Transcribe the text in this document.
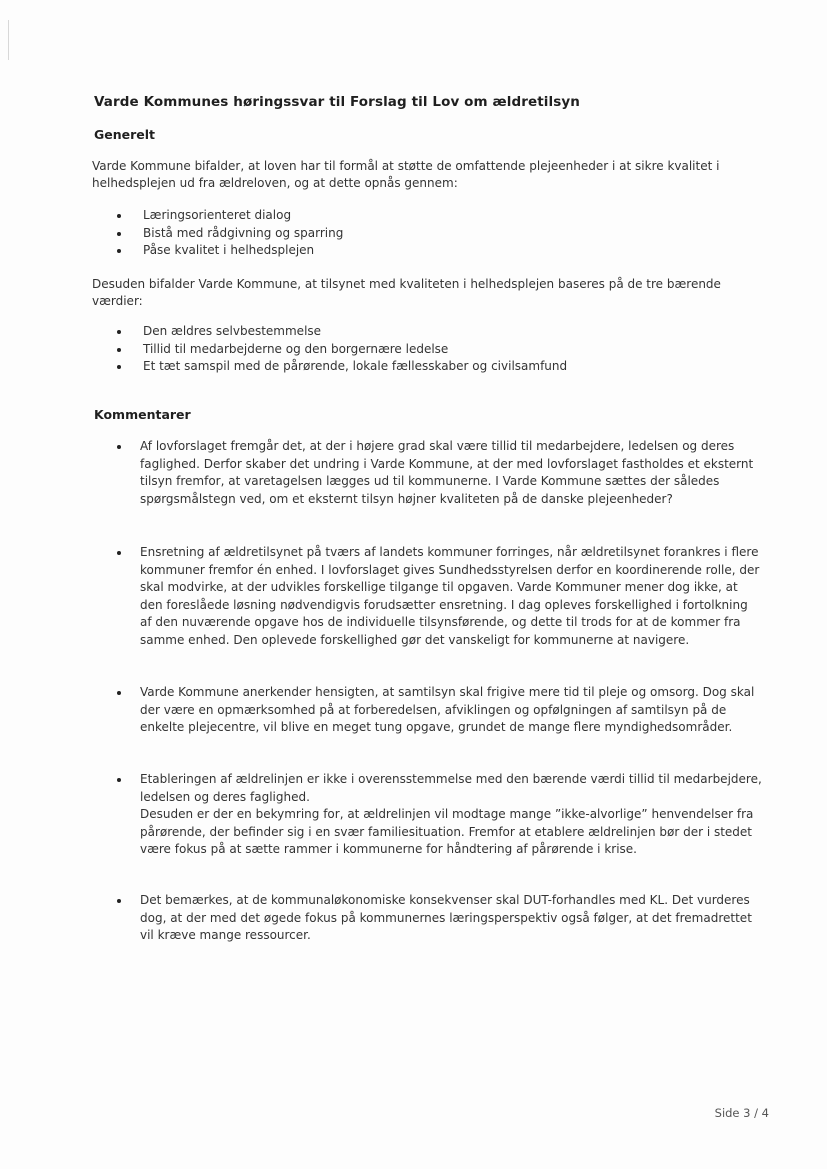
Varde Kommunes høringssvar til Forslag til Lov om ældretilsyn
Generelt

Varde Kommune bifalder, at loven har til formål at støtte de omfattende plejeenheder i at sikre kvalitet i helhedsplejen ud fra ældreloven, og at dette opnås gennem:

Læringsorienteret dialog
Bistå med rådgivning og sparring
Påse kvalitet i helhedsplejen

Desuden bifalder Varde Kommune, at tilsynet med kvaliteten i helhedsplejen baseres på de tre bærende værdier:

Den ældres selvbestemmelse
Tillid til medarbejderne og den borgernære ledelse
Et tæt samspil med de pårørende, lokale fællesskaber og civilsamfund
Kommentarer
Af lovforslaget fremgår det, at der i højere grad skal være tillid til medarbejdere, ledelsen og deres faglighed. Derfor skaber det undring i Varde Kommune, at der med lovforslaget fastholdes et eksternt tilsyn fremfor, at varetagelsen lægges ud til kommunerne. I Varde Kommune sættes der således spørgsmålstegn ved, om et eksternt tilsyn højner kvaliteten på de danske plejeenheder?
Ensretning af ældretilsynet på tværs af landets kommuner forringes, når ældretilsynet forankres i flere kommuner fremfor én enhed. I lovforslaget gives Sundhedsstyrelsen derfor en koordinerende rolle, der skal modvirke, at der udvikles forskellige tilgange til opgaven. Varde Kommuner mener dog ikke, at den foreslåede løsning nødvendigvis forudsætter ensretning. I dag opleves forskellighed i fortolkning af den nuværende opgave hos de individuelle tilsynsførende, og dette til trods for at de kommer fra samme enhed. Den oplevede forskellighed gør det vanskeligt for kommunerne at navigere.
Varde Kommune anerkender hensigten, at samtilsyn skal frigive mere tid til pleje og omsorg. Dog skal der være en opmærksomhed på at forberedelsen, afviklingen og opfølgningen af samtilsyn på de enkelte plejecentre, vil blive en meget tung opgave, grundet de mange flere myndighedsområder.
Etableringen af ældrelinjen er ikke i overensstemmelse med den bærende værdi tillid til medarbejdere, ledelsen og deres faglighed.
Desuden er der en bekymring for, at ældrelinjen vil modtage mange ”ikke-alvorlige” henvendelser fra pårørende, der befinder sig i en svær familiesituation. Fremfor at etablere ældrelinjen bør der i stedet være fokus på at sætte rammer i kommunerne for håndtering af pårørende i krise.
Det bemærkes, at de kommunaløkonomiske konsekvenser skal DUT-forhandles med KL. Det vurderes dog, at der med det øgede fokus på kommunernes læringsperspektiv også følger, at det fremadrettet vil kræve mange ressourcer.
Side 3 / 4
